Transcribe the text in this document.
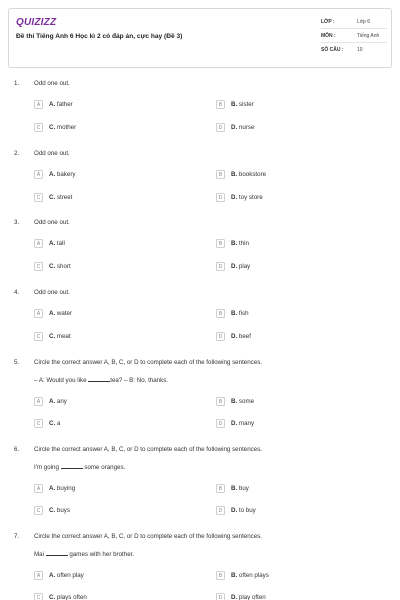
QUIZIZZ
Đề thi Tiếng Anh 6 Học kì 2 có đáp án, cực hay (Đề 3)
LỚP :	Lớp 6
MÔN :	Tiếng Anh
SỐ CÂU :	10
1. Odd one out.
A	A. father	B	B. sister
C	C. mother	D	D. nurse
2. Odd one out.
A	A. bakery	B	B. bookstore
C	C. street	D	D. toy store
3. Odd one out.
A	A. tall	B	B. thin
C	C. short	D	D. play
4. Odd one out.
A	A. water	B	B. fish
C	C. meat	D	D. beef
5. Circle the correct answer A, B, C, or D to complete each of the following sentences.
– A: Would you like	tea? – B: No, thanks.
A	A. any	B	B. some
C	C. a	D	D. many
6. Circle the correct answer A, B, C, or D to complete each of the following sentences.
I'm going	some oranges.
A	A. buying	B	B. buy
C	C. buys	D	D. to buy
7. Circle the correct answer A, B, C, or D to complete each of the following sentences.
Mai	games with her brother.
A	A. often play	B	B. often plays
C	C. plays often	D	D. play often
